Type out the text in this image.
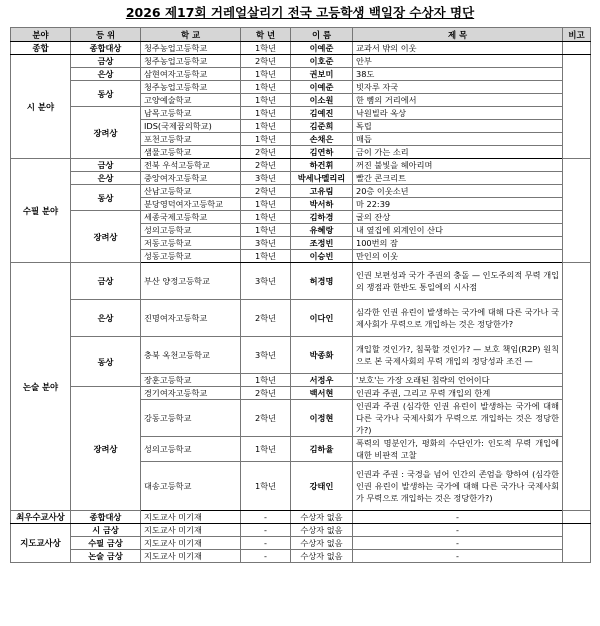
2026 제17회 거레얼살리기 전국 고등학생 백일장 수상자 명단
분야	등 위	학 교	학 년	이 름	제 목	비고
종합	종합대상	청주농업고등학교	1학년	이예준	교과서 밖의 이웃	
시 분야	금상	청주농업고등학교	2학년	이호준	안부	
	은상	삼현여자고등학교	1학년	권보미	38도	
	동상	청주농업고등학교	1학년	이예준	빗자루 자국	
		고양예술학교	1학년	이소원	한 뼘의 거리에서	
	장려상	남목고등학교	1학년	김예진	낙원빌라 옥상	
		IDS(국제꿈의학교)	1학년	김준희	독립	
		포천고등학교	1학년	손채은	매듭	
		샘물고등학교	2학년	김연하	금이 가는 소리	
수필 분야	금상	전북 우석고등학교	2학년	하건휘	꺼진 불빛을 헤아리며	
	은상	중앙여자고등학교	3학년	박세나멜리리	빨간 콘크리트	
	동상	산남고등학교	2학년	고유림	20층 이웃소년	
		분당영덕여자고등학교	1학년	박서하	마 22:39	
	장려상	세종국제고등학교	1학년	김하경	굴의 잔상	
		성의고등학교	1학년	유혜랑	내 옆집에 외계인이 산다	
		저동고등학교	3학년	조정빈	100번의 잠	
		성동고등학교	1학년	이승빈	만인의 이웃	
논술 분야	금상	부산 양정고등학교	3학년	허경명	인권 보편성과 국가 주권의 충돌 — 인도주의적 무력 개입의 쟁점과 한반도 통일에의 시사점	
	은상	진명여자고등학교	2학년	이다인	심각한 인권 유린이 발생하는 국가에 대해 다른 국가나 국제사회가 무력으로 개입하는 것은 정당한가?	
	동상	충북 옥천고등학교	3학년	박종화	개입할 것인가?, 침묵할 것인가? — 보호 책임(R2P) 원칙으로 본 국제사회의 무력 개입의 정당성과 조건 —	
		장훈고등학교	1학년	서정우	'보호'는 가장 오래된 침략의 언어이다	
	장려상	경기여자고등학교	2학년	백서현	인권과 주권, 그리고 무력 개입의 한계	
		강동고등학교	2학년	이정현	인권과 주권 (심각한 인권 유린이 발생하는 국가에 대해 다른 국가나 국제사회가 무력으로 개입하는 것은 정당한가?)	
		성의고등학교	1학년	김하율	폭력의 명분인가, 평화의 수단인가: 인도적 무력 개입에 대한 비판적 고찰	
		대송고등학교	1학년	강태인	인권과 주권 : 국경을 넘어 인간의 존엄을 향하여 (심각한 인권 유린이 발생하는 국가에 대해 다른 국가나 국제사회가 무력으로 개입하는 것은 정당한가?)	
최우수교사상	종합대상	지도교사 미기재	-	수상자 없음	-	
지도교사상	시 금상	지도교사 미기재	-	수상자 없음	-	
	수필 금상	지도교사 미기재	-	수상자 없음	-	
	논술 금상	지도교사 미기재	-	수상자 없음	-	
